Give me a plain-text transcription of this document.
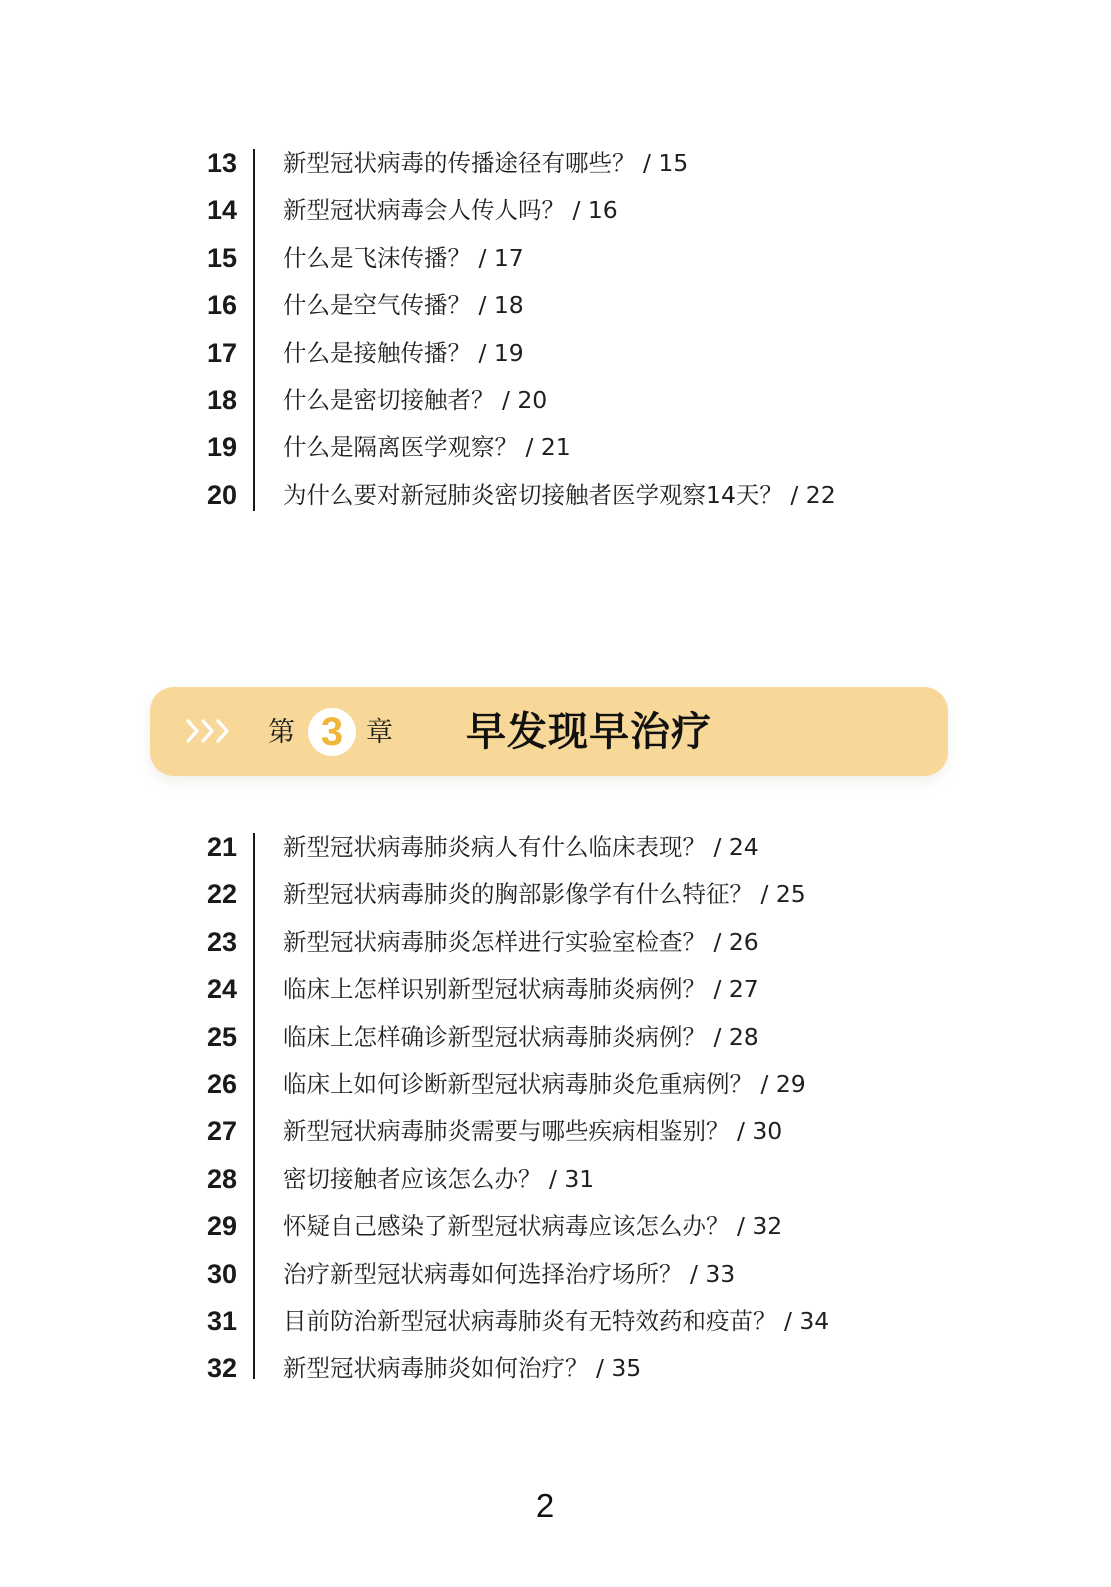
13 新型冠状病毒的传播途径有哪些？ / 15
14 新型冠状病毒会人传人吗？ / 16
15 什么是飞沫传播？ / 17
16 什么是空气传播？ / 18
17 什么是接触传播？ / 19
18 什么是密切接触者？ / 20
19 什么是隔离医学观察？ / 21
20 为什么要对新冠肺炎密切接触者医学观察14天？ / 22
第 3 章 早发现早治疗
21 新型冠状病毒肺炎病人有什么临床表现？ / 24
22 新型冠状病毒肺炎的胸部影像学有什么特征？ / 25
23 新型冠状病毒肺炎怎样进行实验室检查？ / 26
24 临床上怎样识别新型冠状病毒肺炎病例？ / 27
25 临床上怎样确诊新型冠状病毒肺炎病例？ / 28
26 临床上如何诊断新型冠状病毒肺炎危重病例？ / 29
27 新型冠状病毒肺炎需要与哪些疾病相鉴别？ / 30
28 密切接触者应该怎么办？ / 31
29 怀疑自己感染了新型冠状病毒应该怎么办？ / 32
30 治疗新型冠状病毒如何选择治疗场所？ / 33
31 目前防治新型冠状病毒肺炎有无特效药和疫苗？ / 34
32 新型冠状病毒肺炎如何治疗？ / 35
2
